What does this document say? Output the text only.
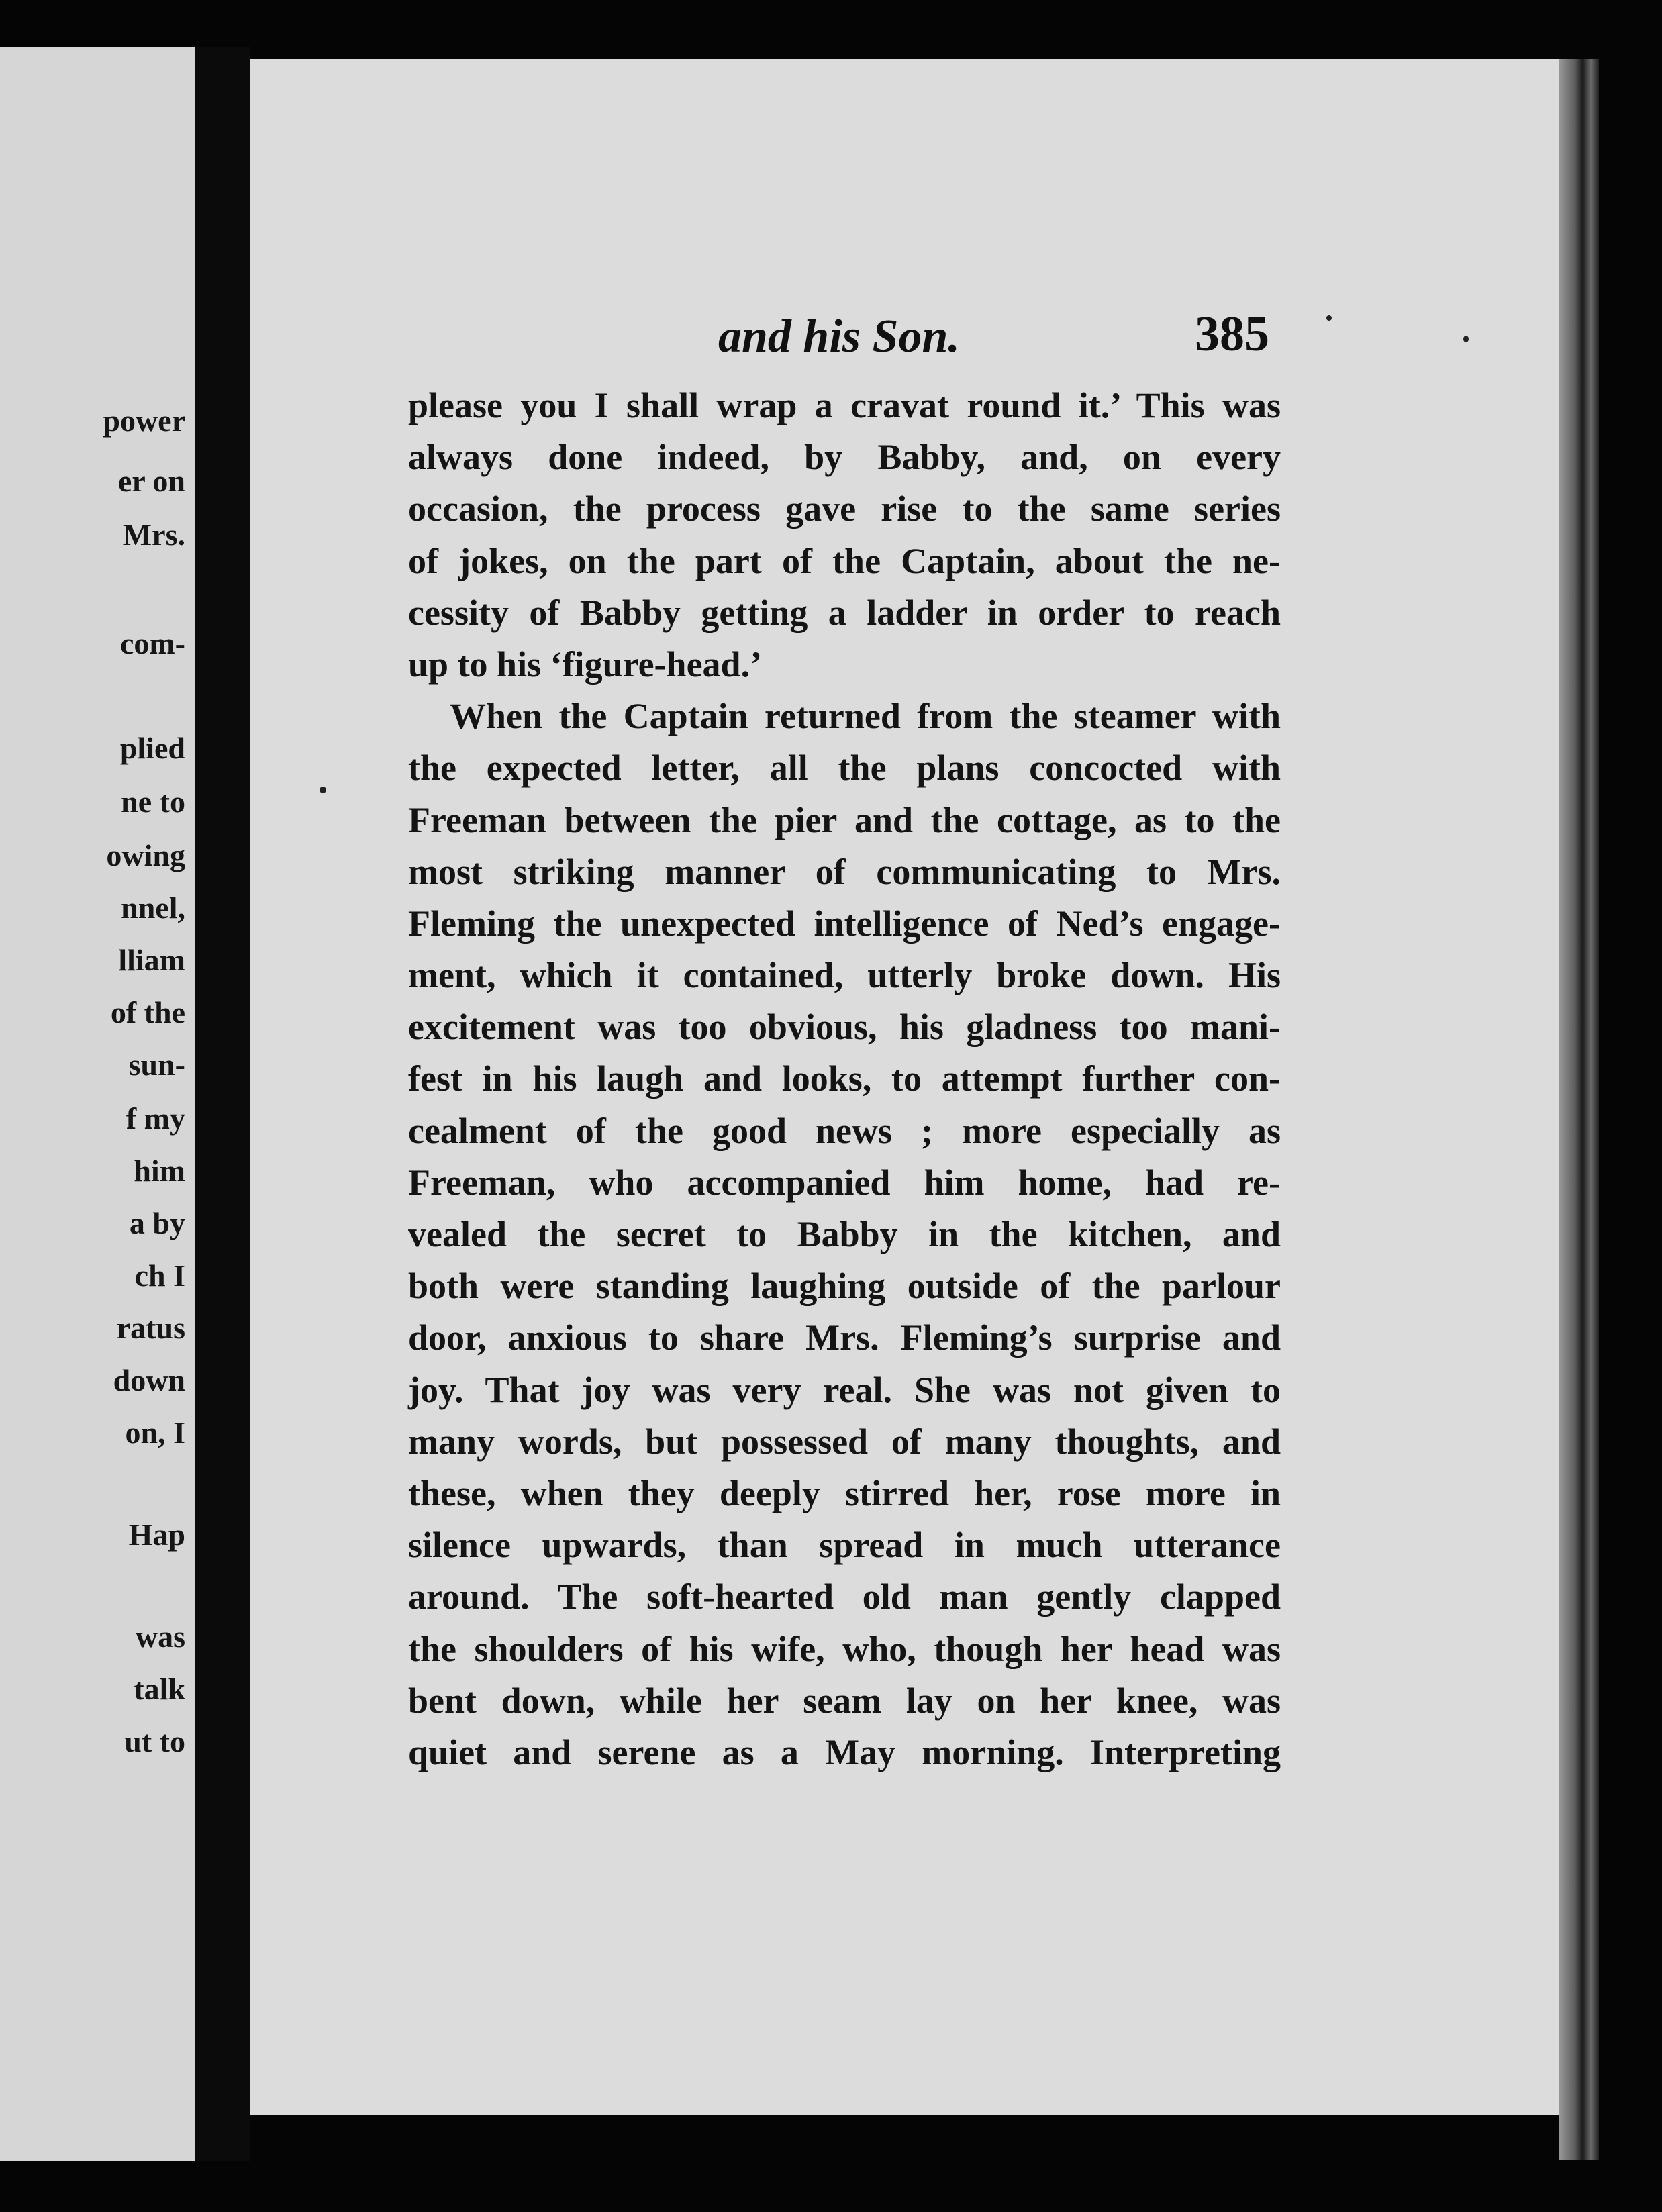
power
er on
Mrs.
com-
plied
ne to
owing
nnel,
lliam
of the
sun-
f my
him
a by
ch I
ratus
down
on, I
Hap
was
talk
ut to
and his Son.	385
please you I shall wrap a cravat round it.’ This was
always done indeed, by Babby, and, on every
occasion, the process gave rise to the same series
of jokes, on the part of the Captain, about the ne-
cessity of Babby getting a ladder in order to reach
up to his ‘figure-head.’
When the Captain returned from the steamer with
the expected letter, all the plans concocted with
Freeman between the pier and the cottage, as to the
most striking manner of communicating to Mrs.
Fleming the unexpected intelligence of Ned’s engage-
ment, which it contained, utterly broke down. His
excitement was too obvious, his gladness too mani-
fest in his laugh and looks, to attempt further con-
cealment of the good news ; more especially as
Freeman, who accompanied him home, had re-
vealed the secret to Babby in the kitchen, and
both were standing laughing outside of the parlour
door, anxious to share Mrs. Fleming’s surprise and
joy. That joy was very real. She was not given to
many words, but possessed of many thoughts, and
these, when they deeply stirred her, rose more in
silence upwards, than spread in much utterance
around. The soft-hearted old man gently clapped
the shoulders of his wife, who, though her head was
bent down, while her seam lay on her knee, was
quiet and serene as a May morning. Interpreting
